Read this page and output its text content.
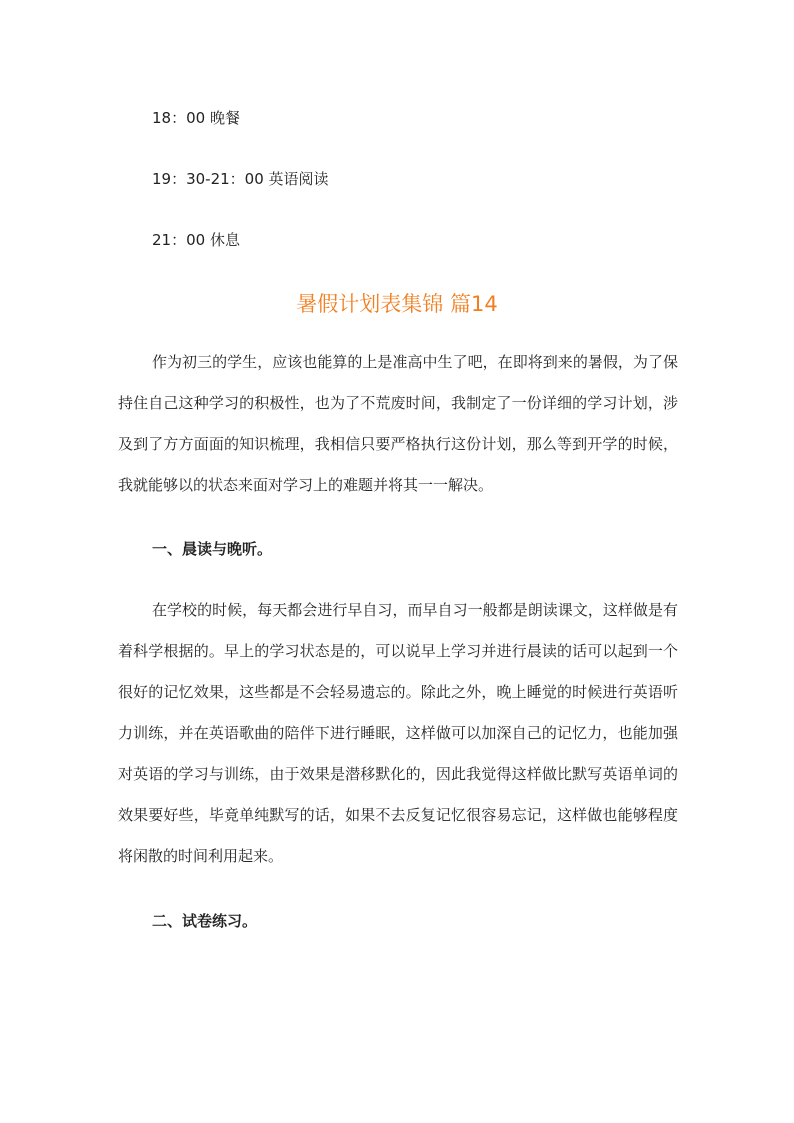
18：00 晚餐
19：30-21：00 英语阅读
21：00 休息
暑假计划表集锦 篇14

作为初三的学生，应该也能算的上是准高中生了吧，在即将到来的暑假，为了保持住自己这种学习的积极性，也为了不荒废时间，我制定了一份详细的学习计划，涉及到了方方面面的知识梳理，我相信只要严格执行这份计划，那么等到开学的时候，我就能够以的状态来面对学习上的难题并将其一一解决。

一、晨读与晚听。

在学校的时候，每天都会进行早自习，而早自习一般都是朗读课文，这样做是有着科学根据的。早上的学习状态是的，可以说早上学习并进行晨读的话可以起到一个很好的记忆效果，这些都是不会轻易遗忘的。除此之外，晚上睡觉的时候进行英语听力训练，并在英语歌曲的陪伴下进行睡眠，这样做可以加深自己的记忆力，也能加强对英语的学习与训练，由于效果是潜移默化的，因此我觉得这样做比默写英语单词的效果要好些，毕竟单纯默写的话，如果不去反复记忆很容易忘记，这样做也能够程度将闲散的时间利用起来。

二、试卷练习。
